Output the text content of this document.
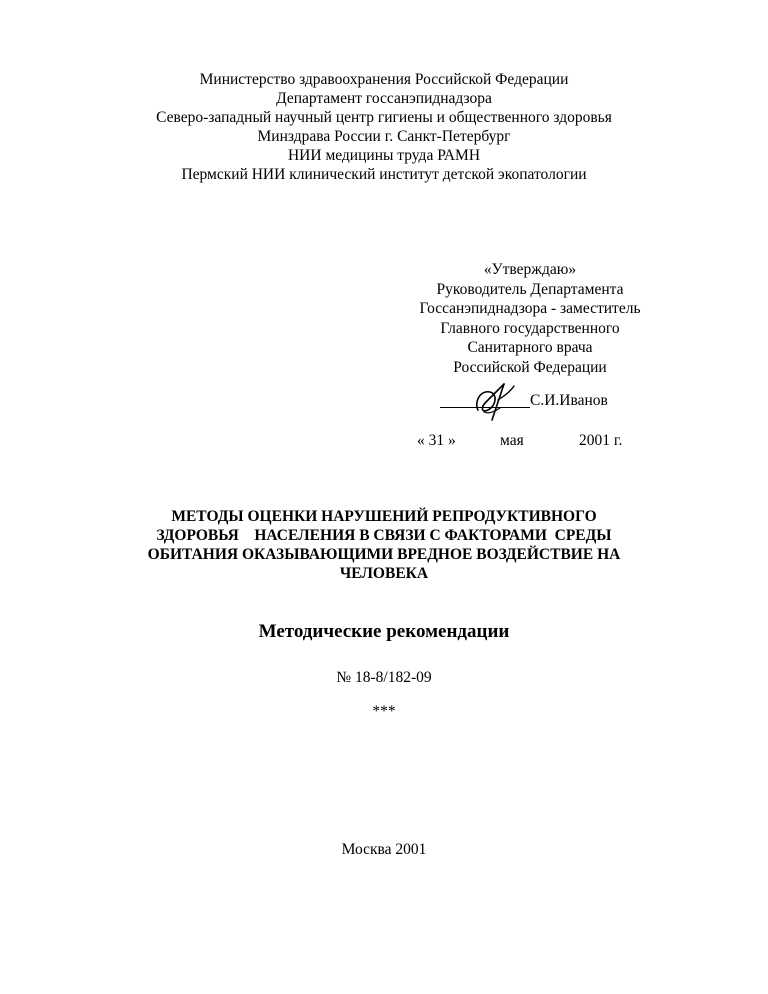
Министерство здравоохранения Российской Федерации
Департамент госсанэпиднадзора
Северо-западный научный центр гигиены и общественного здоровья
Минздрава России г. Санкт-Петербург
НИИ медицины труда РАМН
Пермский НИИ клинический институт детской экопатологии
«Утверждаю»
Руководитель Департамента
Госсанэпиднадзора - заместитель
Главного государственного
Санитарного врача
Российской Федерации
С.И.Иванов
« 31 »	мая	2001 г.
МЕТОДЫ ОЦЕНКИ НАРУШЕНИЙ РЕПРОДУКТИВНОГО
ЗДОРОВЬЯ    НАСЕЛЕНИЯ В СВЯЗИ С ФАКТОРАМИ  СРЕДЫ
ОБИТАНИЯ ОКАЗЫВАЮЩИМИ ВРЕДНОЕ ВОЗДЕЙСТВИЕ НА
ЧЕЛОВЕКА
Методические рекомендации
№ 18-8/182-09
***
Москва 2001
